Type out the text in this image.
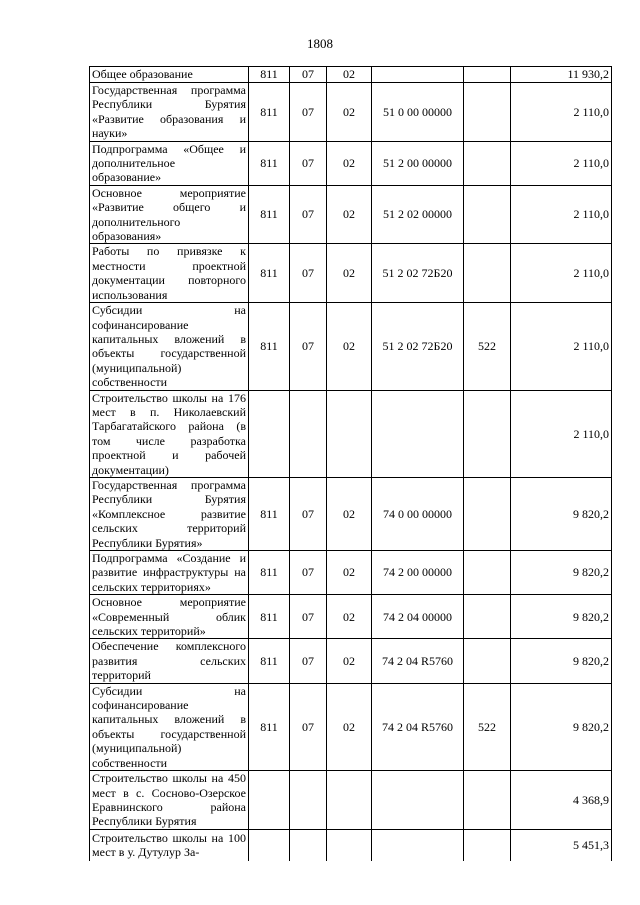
1808
Общее образование	811	07	02			11 930,2
Государственная программа Республики Бурятия «Развитие образования и науки»	811	07	02	51 0 00 00000		2 110,0
Подпрограмма «Общее и дополнительное образование»	811	07	02	51 2 00 00000		2 110,0
Основное мероприятие «Развитие общего и дополнительного образования»	811	07	02	51 2 02 00000		2 110,0
Работы по привязке к местности проектной документации повторного использования	811	07	02	51 2 02 72Б20		2 110,0
Субсидии на софинансирование капитальных вложений в объекты государственной (муниципальной) собственности	811	07	02	51 2 02 72Б20	522	2 110,0
Строительство школы на 176 мест в п. Николаевский Тарбагатайского района (в том числе разработка проектной и рабочей документации)						2 110,0
Государственная программа Республики Бурятия «Комплексное развитие сельских территорий Республики Бурятия»	811	07	02	74 0 00 00000		9 820,2
Подпрограмма «Создание и развитие инфраструктуры на сельских территориях»	811	07	02	74 2 00 00000		9 820,2
Основное мероприятие «Современный облик сельских территорий»	811	07	02	74 2 04 00000		9 820,2
Обеспечение комплексного развития сельских территорий	811	07	02	74 2 04 R5760		9 820,2
Субсидии на софинансирование капитальных вложений в объекты государственной (муниципальной) собственности	811	07	02	74 2 04 R5760	522	9 820,2
Строительство школы на 450 мест в с. Сосново-Озерское Еравнинского района Республики Бурятия						4 368,9
Строительство школы на 100 мест в у. Дутулур За-						5 451,3
